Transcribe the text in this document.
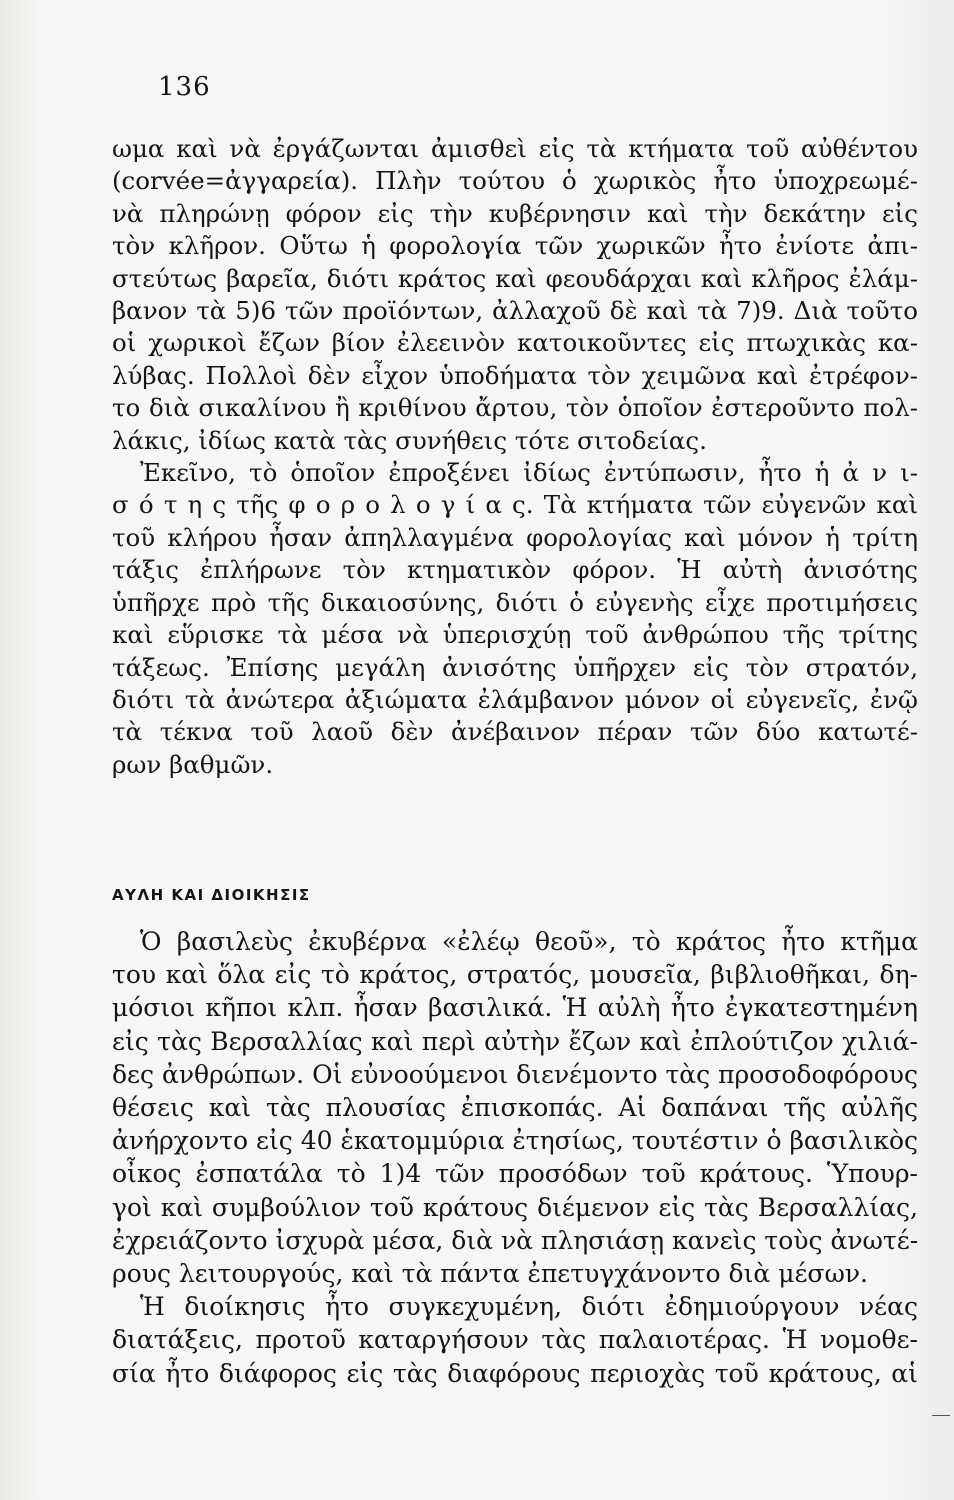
136
ωμα καὶ νὰ ἐργάζωνται ἀμισθεὶ εἰς τὰ κτήματα τοῦ αὐθέντου
(corvée=ἀγγαρεία). Πλὴν τούτου ὁ χωρικὸς ἦτο ὑποχρεωμέ-
νὰ πληρώνῃ φόρον εἰς τὴν κυβέρνησιν καὶ τὴν δεκάτην εἰς
τὸν κλῆρον. Οὕτω ἡ φορολογία τῶν χωρικῶν ἦτο ἐνίοτε ἀπι-
στεύτως βαρεῖα, διότι κράτος καὶ φεουδάρχαι καὶ κλῆρος ἐλάμ-
βανον τὰ 5)6 τῶν προϊόντων, ἀλλαχοῦ δὲ καὶ τὰ 7)9. Διὰ τοῦτο
οἱ χωρικοὶ ἔζων βίον ἐλεεινὸν κατοικοῦντες εἰς πτωχικὰς κα-
λύβας. Πολλοὶ δὲν εἶχον ὑποδήματα τὸν χειμῶνα καὶ ἐτρέφον-
το διὰ σικαλίνου ἢ κριθίνου ἄρτου, τὸν ὁποῖον ἐστεροῦντο πολ-
λάκις, ἰδίως κατὰ τὰς συνήθεις τότε σιτοδείας.
Ἐκεῖνο, τὸ ὁποῖον ἐπροξένει ἰδίως ἐντύπωσιν, ἦτο ἡ ἀ ν ι-
σ ό τ η ς τῆς φ ο ρ ο λ ο γ ί α ς. Τὰ κτήματα τῶν εὐγενῶν καὶ
τοῦ κλήρου ἦσαν ἀπηλλαγμένα φορολογίας καὶ μόνον ἡ τρίτη
τάξις ἐπλήρωνε τὸν κτηματικὸν φόρον. Ἡ αὐτὴ ἀνισότης
ὑπῆρχε πρὸ τῆς δικαιοσύνης, διότι ὁ εὐγενὴς εἶχε προτιμήσεις
καὶ εὕρισκε τὰ μέσα νὰ ὑπερισχύῃ τοῦ ἀνθρώπου τῆς τρίτης
τάξεως. Ἐπίσης μεγάλη ἀνισότης ὑπῆρχεν εἰς τὸν στρατόν,
διότι τὰ ἀνώτερα ἀξιώματα ἐλάμβανον μόνον οἱ εὐγενεῖς, ἐνῷ
τὰ τέκνα τοῦ λαοῦ δὲν ἀνέβαινον πέραν τῶν δύο κατωτέ-
ρων βαθμῶν.
ΑΥΛΗ ΚΑΙ ΔΙΟΙΚΗΣΙΣ
Ὁ βασιλεὺς ἐκυβέρνα «ἐλέῳ θεοῦ», τὸ κράτος ἦτο κτῆμα
του καὶ ὅλα εἰς τὸ κράτος, στρατός, μουσεῖα, βιβλιοθῆκαι, δη-
μόσιοι κῆποι κλπ. ἦσαν βασιλικά. Ἡ αὐλὴ ἦτο ἐγκατεστημένη
εἰς τὰς Βερσαλλίας καὶ περὶ αὐτὴν ἔζων καὶ ἐπλούτιζον χιλιά-
δες ἀνθρώπων. Οἱ εὐνοούμενοι διενέμοντο τὰς προσοδοφόρους
θέσεις καὶ τὰς πλουσίας ἐπισκοπάς. Αἱ δαπάναι τῆς αὐλῆς
ἀνήρχοντο εἰς 40 ἑκατομμύρια ἐτησίως, τουτέστιν ὁ βασιλικὸς
οἶκος ἐσπατάλα τὸ 1)4 τῶν προσόδων τοῦ κράτους. Ὑπουρ-
γοὶ καὶ συμβούλιον τοῦ κράτους διέμενον εἰς τὰς Βερσαλλίας,
ἐχρειάζοντο ἰσχυρὰ μέσα, διὰ νὰ πλησιάσῃ κανεὶς τοὺς ἀνωτέ-
ρους λειτουργούς, καὶ τὰ πάντα ἐπετυγχάνοντο διὰ μέσων.
Ἡ διοίκησις ἦτο συγκεχυμένη, διότι ἐδημιούργουν νέας
διατάξεις, προτοῦ καταργήσουν τὰς παλαιοτέρας. Ἡ νομοθε-
σία ἦτο διάφορος εἰς τὰς διαφόρους περιοχὰς τοῦ κράτους, αἱ
